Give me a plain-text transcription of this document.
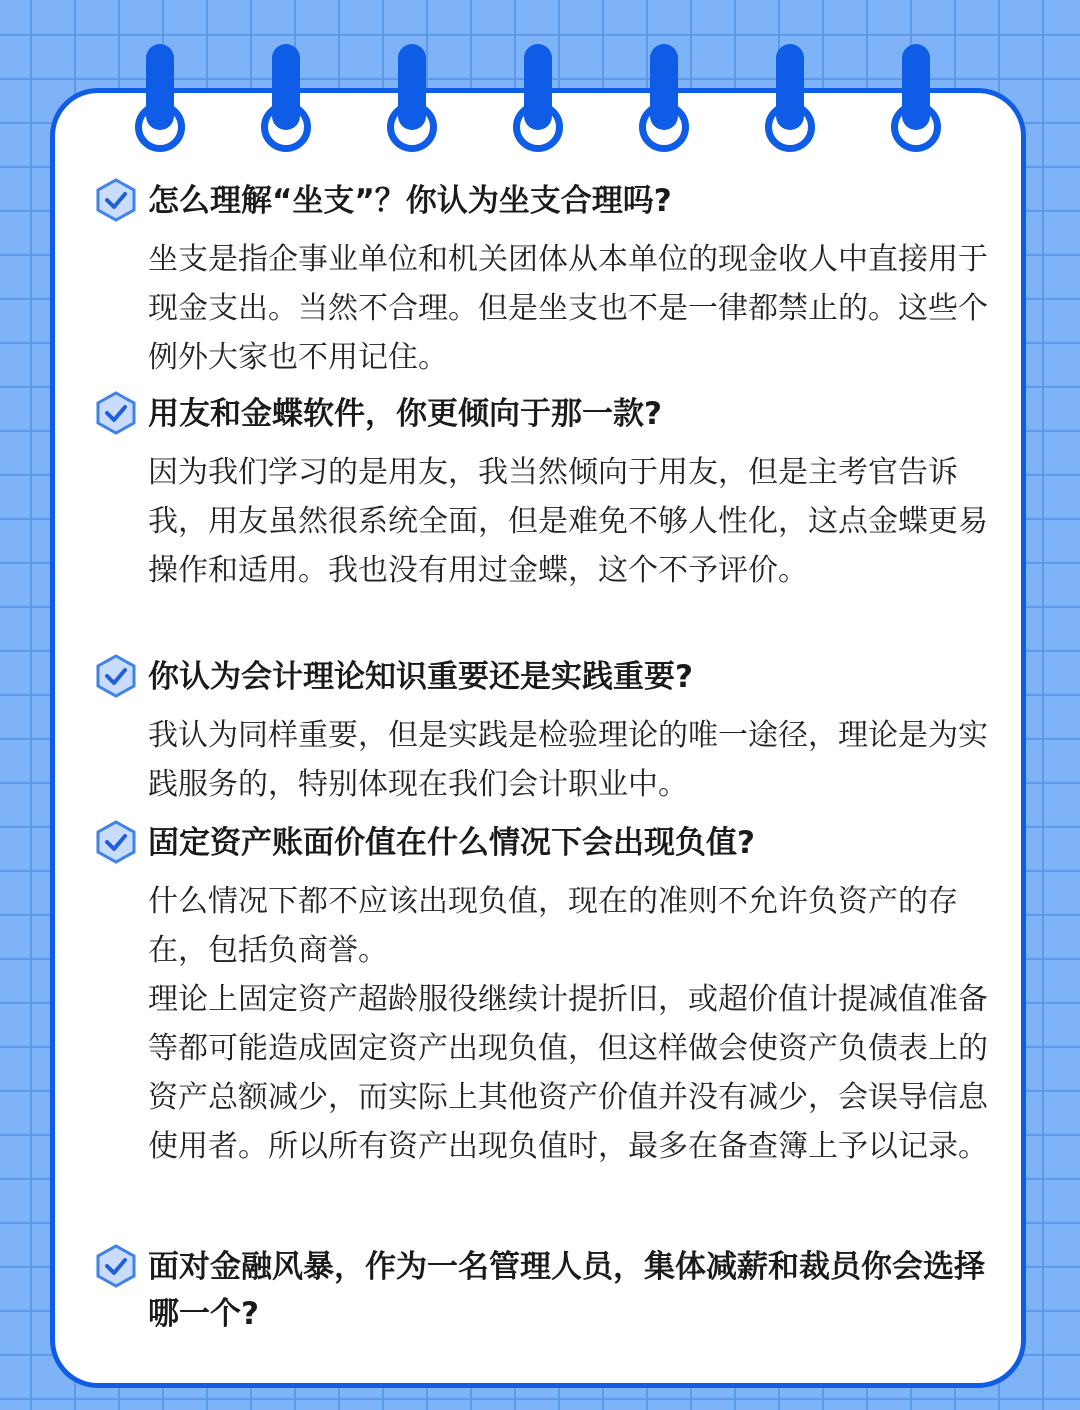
怎么理解“坐支”？你认为坐支合理吗?

坐支是指企事业单位和机关团体从本单位的现金收人中直接用于现金支出。当然不合理。但是坐支也不是一律都禁止的。这些个例外大家也不用记住。

用友和金蝶软件，你更倾向于那一款?

因为我们学习的是用友，我当然倾向于用友，但是主考官告诉我，用友虽然很系统全面，但是难免不够人性化，这点金蝶更易操作和适用。我也没有用过金蝶，这个不予评价。

你认为会计理论知识重要还是实践重要?

我认为同样重要，但是实践是检验理论的唯一途径，理论是为实践服务的，特别体现在我们会计职业中。

固定资产账面价值在什么情况下会出现负值?

什么情况下都不应该出现负值，现在的准则不允许负资产的存在，包括负商誉。

理论上固定资产超龄服役继续计提折旧，或超价值计提减值准备等都可能造成固定资产出现负值，但这样做会使资产负债表上的资产总额减少，而实际上其他资产价值并没有减少，会误导信息使用者。所以所有资产出现负值时，最多在备查簿上予以记录。

面对金融风暴，作为一名管理人员，集体减薪和裁员你会选择哪一个?
